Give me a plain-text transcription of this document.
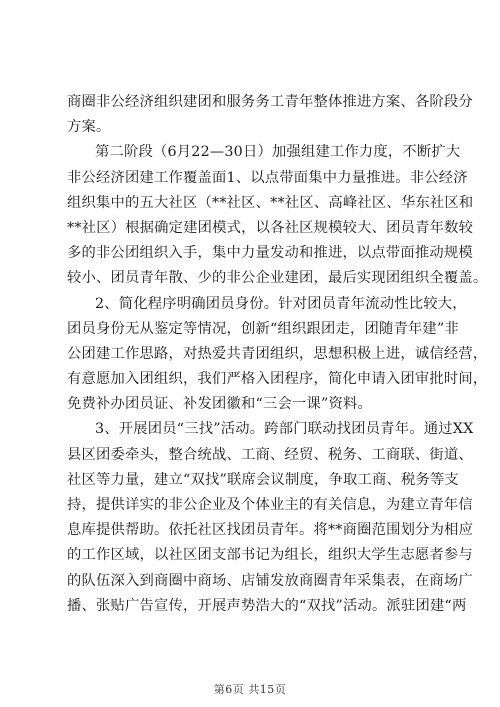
商圈非公经济组织建团和服务务工青年整体推进方案、各阶段分
方案。
第二阶段（6月22—30日）加强组建工作力度，不断扩大
非公经济团建工作覆盖面1、以点带面集中力量推进。非公经济
组织集中的五大社区（**社区、**社区、高峰社区、华东社区和
**社区）根据确定建团模式，以各社区规模较大、团员青年数较
多的非公团组织入手，集中力量发动和推进，以点带面推动规模
较小、团员青年散、少的非公企业建团，最后实现团组织全覆盖。
2、简化程序明确团员身份。针对团员青年流动性比较大，
团员身份无从鉴定等情况，创新“组织跟团走，团随青年建”非
公团建工作思路，对热爱共青团组织，思想积极上进，诚信经营，
有意愿加入团组织，我们严格入团程序，简化申请入团审批时间，
免费补办团员证、补发团徽和“三会一课”资料。
3、开展团员“三找”活动。跨部门联动找团员青年。通过XX
县区团委牵头，整合统战、工商、经贸、税务、工商联、街道、
社区等力量，建立“双找”联席会议制度，争取工商、税务等支
持，提供详实的非公企业及个体业主的有关信息，为建立青年信
息库提供帮助。依托社区找团员青年。将**商圈范围划分为相应
的工作区域，以社区团支部书记为组长，组织大学生志愿者参与
的队伍深入到商圈中商场、店铺发放商圈青年采集表，在商场广
播、张贴广告宣传，开展声势浩大的“双找”活动。派驻团建“两
第6页 共15页
